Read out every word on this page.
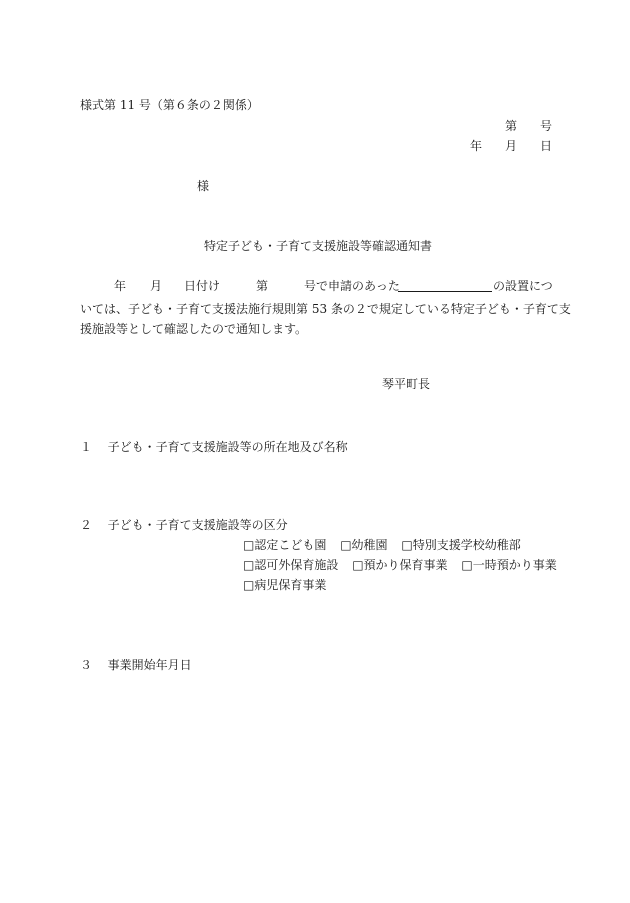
様式第 11 号（第６条の２関係）
第 号
年 月 日
様
特定子ども・子育て支援施設等確認通知書
年 月 日付け	第	号で申請のあった	の設置につ
いては、子ども・子育て支援法施行規則第 53 条の２で規定している特定子ども・子育て支
援施設等として確認したので通知します。
琴平町長
１ 子ども・子育て支援施設等の所在地及び名称
２ 子ども・子育て支援施設等の区分
□認定こども園 □幼稚園 □特別支援学校幼稚部
□認可外保育施設 □預かり保育事業 □一時預かり事業
□病児保育事業
３ 事業開始年月日
